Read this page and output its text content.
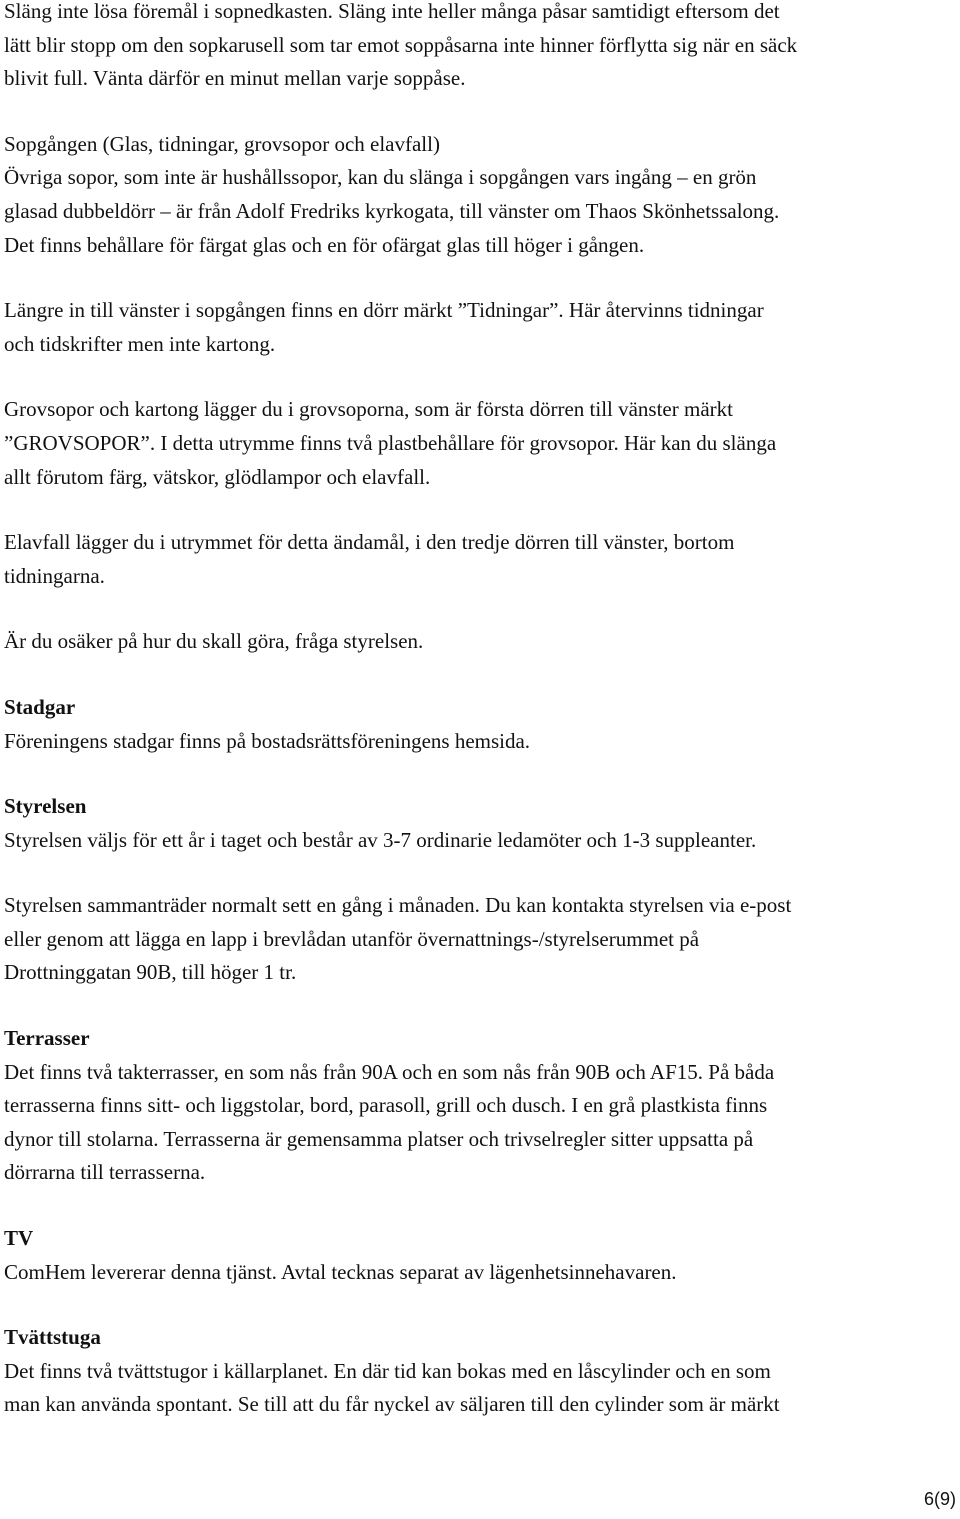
Släng inte lösa föremål i sopnedkasten. Släng inte heller många påsar samtidigt eftersom det
lätt blir stopp om den sopkarusell som tar emot soppåsarna inte hinner förflytta sig när en säck
blivit full. Vänta därför en minut mellan varje soppåse.
Sopgången (Glas, tidningar, grovsopor och elavfall)
Övriga sopor, som inte är hushållssopor, kan du slänga i sopgången vars ingång – en grön
glasad dubbeldörr – är från Adolf Fredriks kyrkogata, till vänster om Thaos Skönhetssalong.
Det finns behållare för färgat glas och en för ofärgat glas till höger i gången.
Längre in till vänster i sopgången finns en dörr märkt ”Tidningar”. Här återvinns tidningar
och tidskrifter men inte kartong.
Grovsopor och kartong lägger du i grovsoporna, som är första dörren till vänster märkt
”GROVSOPOR”. I detta utrymme finns två plastbehållare för grovsopor. Här kan du slänga
allt förutom färg, vätskor, glödlampor och elavfall.
Elavfall lägger du i utrymmet för detta ändamål, i den tredje dörren till vänster, bortom
tidningarna.
Är du osäker på hur du skall göra, fråga styrelsen.
Stadgar
Föreningens stadgar finns på bostadsrättsföreningens hemsida.
Styrelsen
Styrelsen väljs för ett år i taget och består av 3-7 ordinarie ledamöter och 1-3 suppleanter.
Styrelsen sammanträder normalt sett en gång i månaden. Du kan kontakta styrelsen via e-post
eller genom att lägga en lapp i brevlådan utanför övernattnings-/styrelserummet på
Drottninggatan 90B, till höger 1 tr.
Terrasser
Det finns två takterrasser, en som nås från 90A och en som nås från 90B och AF15. På båda
terrasserna finns sitt- och liggstolar, bord, parasoll, grill och dusch. I en grå plastkista finns
dynor till stolarna. Terrasserna är gemensamma platser och trivselregler sitter uppsatta på
dörrarna till terrasserna.
TV
ComHem levererar denna tjänst. Avtal tecknas separat av lägenhetsinnehavaren.
Tvättstuga
Det finns två tvättstugor i källarplanet. En där tid kan bokas med en låscylinder och en som
man kan använda spontant. Se till att du får nyckel av säljaren till den cylinder som är märkt
6(9)
